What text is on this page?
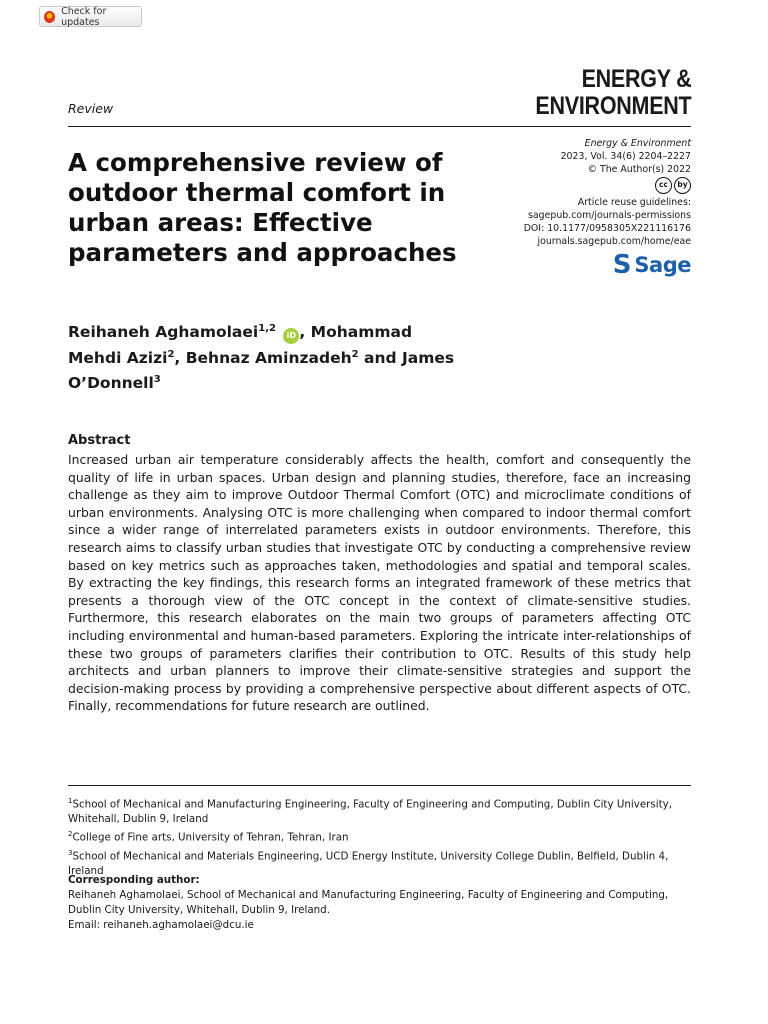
Check for updates
Review
ENERGY &
ENVIRONMENT
A comprehensive review of outdoor thermal comfort in urban areas: Effective parameters and approaches
Energy & Environment
2023, Vol. 34(6) 2204–2227
© The Author(s) 2022
cc	by
Article reuse guidelines:
sagepub.com/journals-permissions
DOI: 10.1177/0958305X221116176
journals.sagepub.com/home/eae
S Sage
Reihaneh Aghamolaei$^{1,2}$ iD , Mohammad Mehdi Azizi$^2$, Behnaz Aminzadeh$^2$ and James O’Donnell$^3$
Abstract

Increased urban air temperature considerably affects the health, comfort and consequently the quality of life in urban spaces. Urban design and planning studies, therefore, face an increasing challenge as they aim to improve Outdoor Thermal Comfort (OTC) and microclimate conditions of urban environments. Analysing OTC is more challenging when compared to indoor thermal comfort since a wider range of interrelated parameters exists in outdoor environments. Therefore, this research aims to classify urban studies that investigate OTC by conducting a comprehensive review based on key metrics such as approaches taken, methodologies and spatial and temporal scales. By extracting the key findings, this research forms an integrated framework of these metrics that presents a thorough view of the OTC concept in the context of climate-sensitive studies. Furthermore, this research elaborates on the main two groups of parameters affecting OTC including environmental and human-based parameters. Exploring the intricate inter-relationships of these two groups of parameters clarifies their contribution to OTC. Results of this study help architects and urban planners to improve their climate-sensitive strategies and support the decision-making process by providing a comprehensive perspective about different aspects of OTC. Finally, recommendations for future research are outlined.

$^1$School of Mechanical and Manufacturing Engineering, Faculty of Engineering and Computing, Dublin City University, Whitehall, Dublin 9, Ireland

$^2$College of Fine arts, University of Tehran, Tehran, Iran

$^3$School of Mechanical and Materials Engineering, UCD Energy Institute, University College Dublin, Belfield, Dublin 4, Ireland

Corresponding author:
Reihaneh Aghamolaei, School of Mechanical and Manufacturing Engineering, Faculty of Engineering and Computing, Dublin City University, Whitehall, Dublin 9, Ireland.
Email: reihaneh.aghamolaei@dcu.ie
